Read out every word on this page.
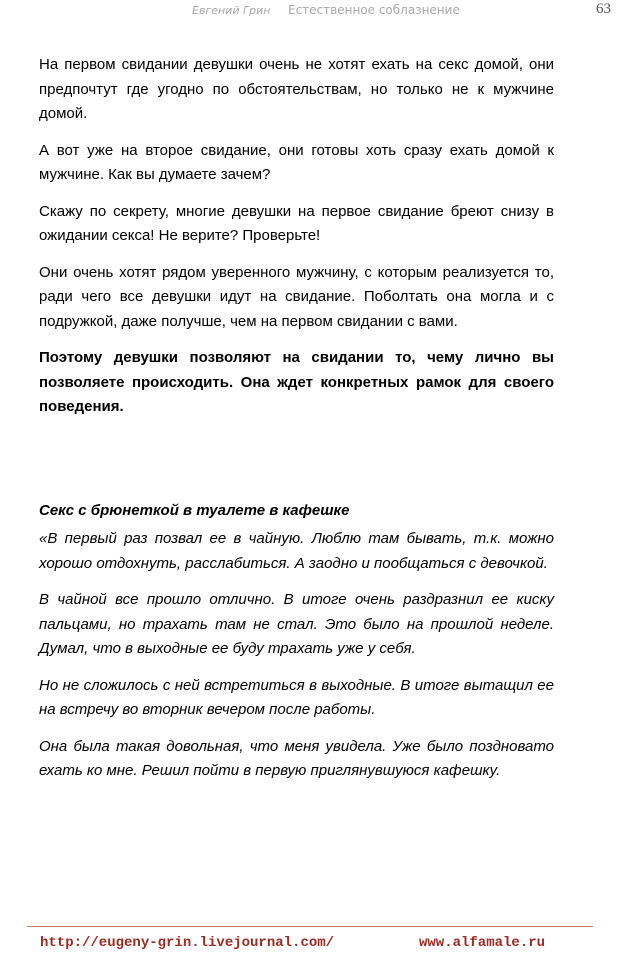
Евгений Грин Естественное соблазнение	63

На первом свидании девушки очень не хотят ехать на секс домой, они предпочтут где угодно по обстоятельствам, но только не к мужчине домой.

А вот уже на второе свидание, они готовы хоть сразу ехать домой к мужчине. Как вы думаете зачем?

Скажу по секрету, многие девушки на первое свидание бреют снизу в ожидании секса! Не верите? Проверьте!

Они очень хотят рядом уверенного мужчину, с которым реализуется то, ради чего все девушки идут на свидание. Поболтать она могла и с подружкой, даже получше, чем на первом свидании с вами.

Поэтому девушки позволяют на свидании то, чему лично вы позволяете происходить. Она ждет конкретных рамок для своего поведения.

Секс с брюнеткой в туалете в кафешке

«В первый раз позвал ее в чайную. Люблю там бывать, т.к. можно хорошо отдохнуть, расслабиться. А заодно и пообщаться с девочкой.

В чайной все прошло отлично. В итоге очень раздразнил ее киску пальцами, но трахать там не стал. Это было на прошлой неделе. Думал, что в выходные ее буду трахать уже у себя.

Но не сложилось с ней встретиться в выходные. В итоге вытащил ее на встречу во вторник вечером после работы.

Она была такая довольная, что меня увидела. Уже было поздновато ехать ко мне. Решил пойти в первую приглянувшуюся кафешку.

http://eugeny-grin.livejournal.com/	www.alfamale.ru
